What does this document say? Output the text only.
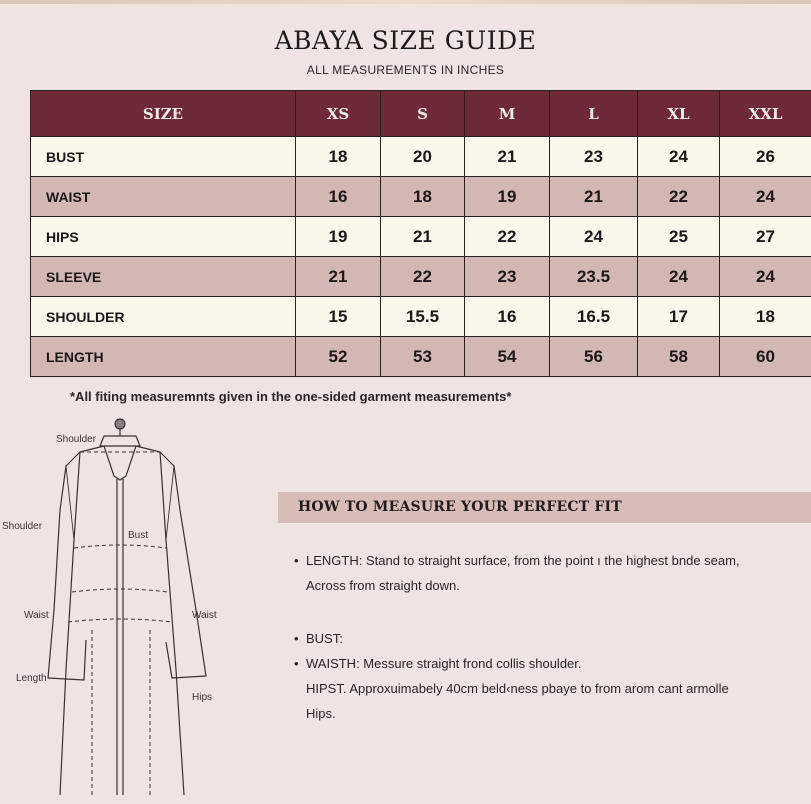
ABAYA SIZE GUIDE
ALL MEASUREMENTS IN INCHES
SIZE	XS	S	M	L	XL	XXL
BUST	18	20	21	23	24	26
WAIST	16	18	19	21	22	24
HIPS	19	21	22	24	25	27
SLEEVE	21	22	23	23.5	24	24
SHOULDER	15	15.5	16	16.5	17	18
LENGTH	52	53	54	56	58	60
*All fiting measuremnts given in the one-sided garment measurements*
Shoulder
Shoulder
Bust
Waist	Waist
Length
Hips
HOW TO MEASURE YOUR PERFECT FIT
• LENGTH: Stand to straight surface, from the point ı the highest bnde seam,
Across from straight down.
• BUST:
• WAISTH: Messure straight frond collis shoulder.
HIPST. Approxuimabely 40cm beld‹ness pbaye to from arom cant armolle
Hips.
